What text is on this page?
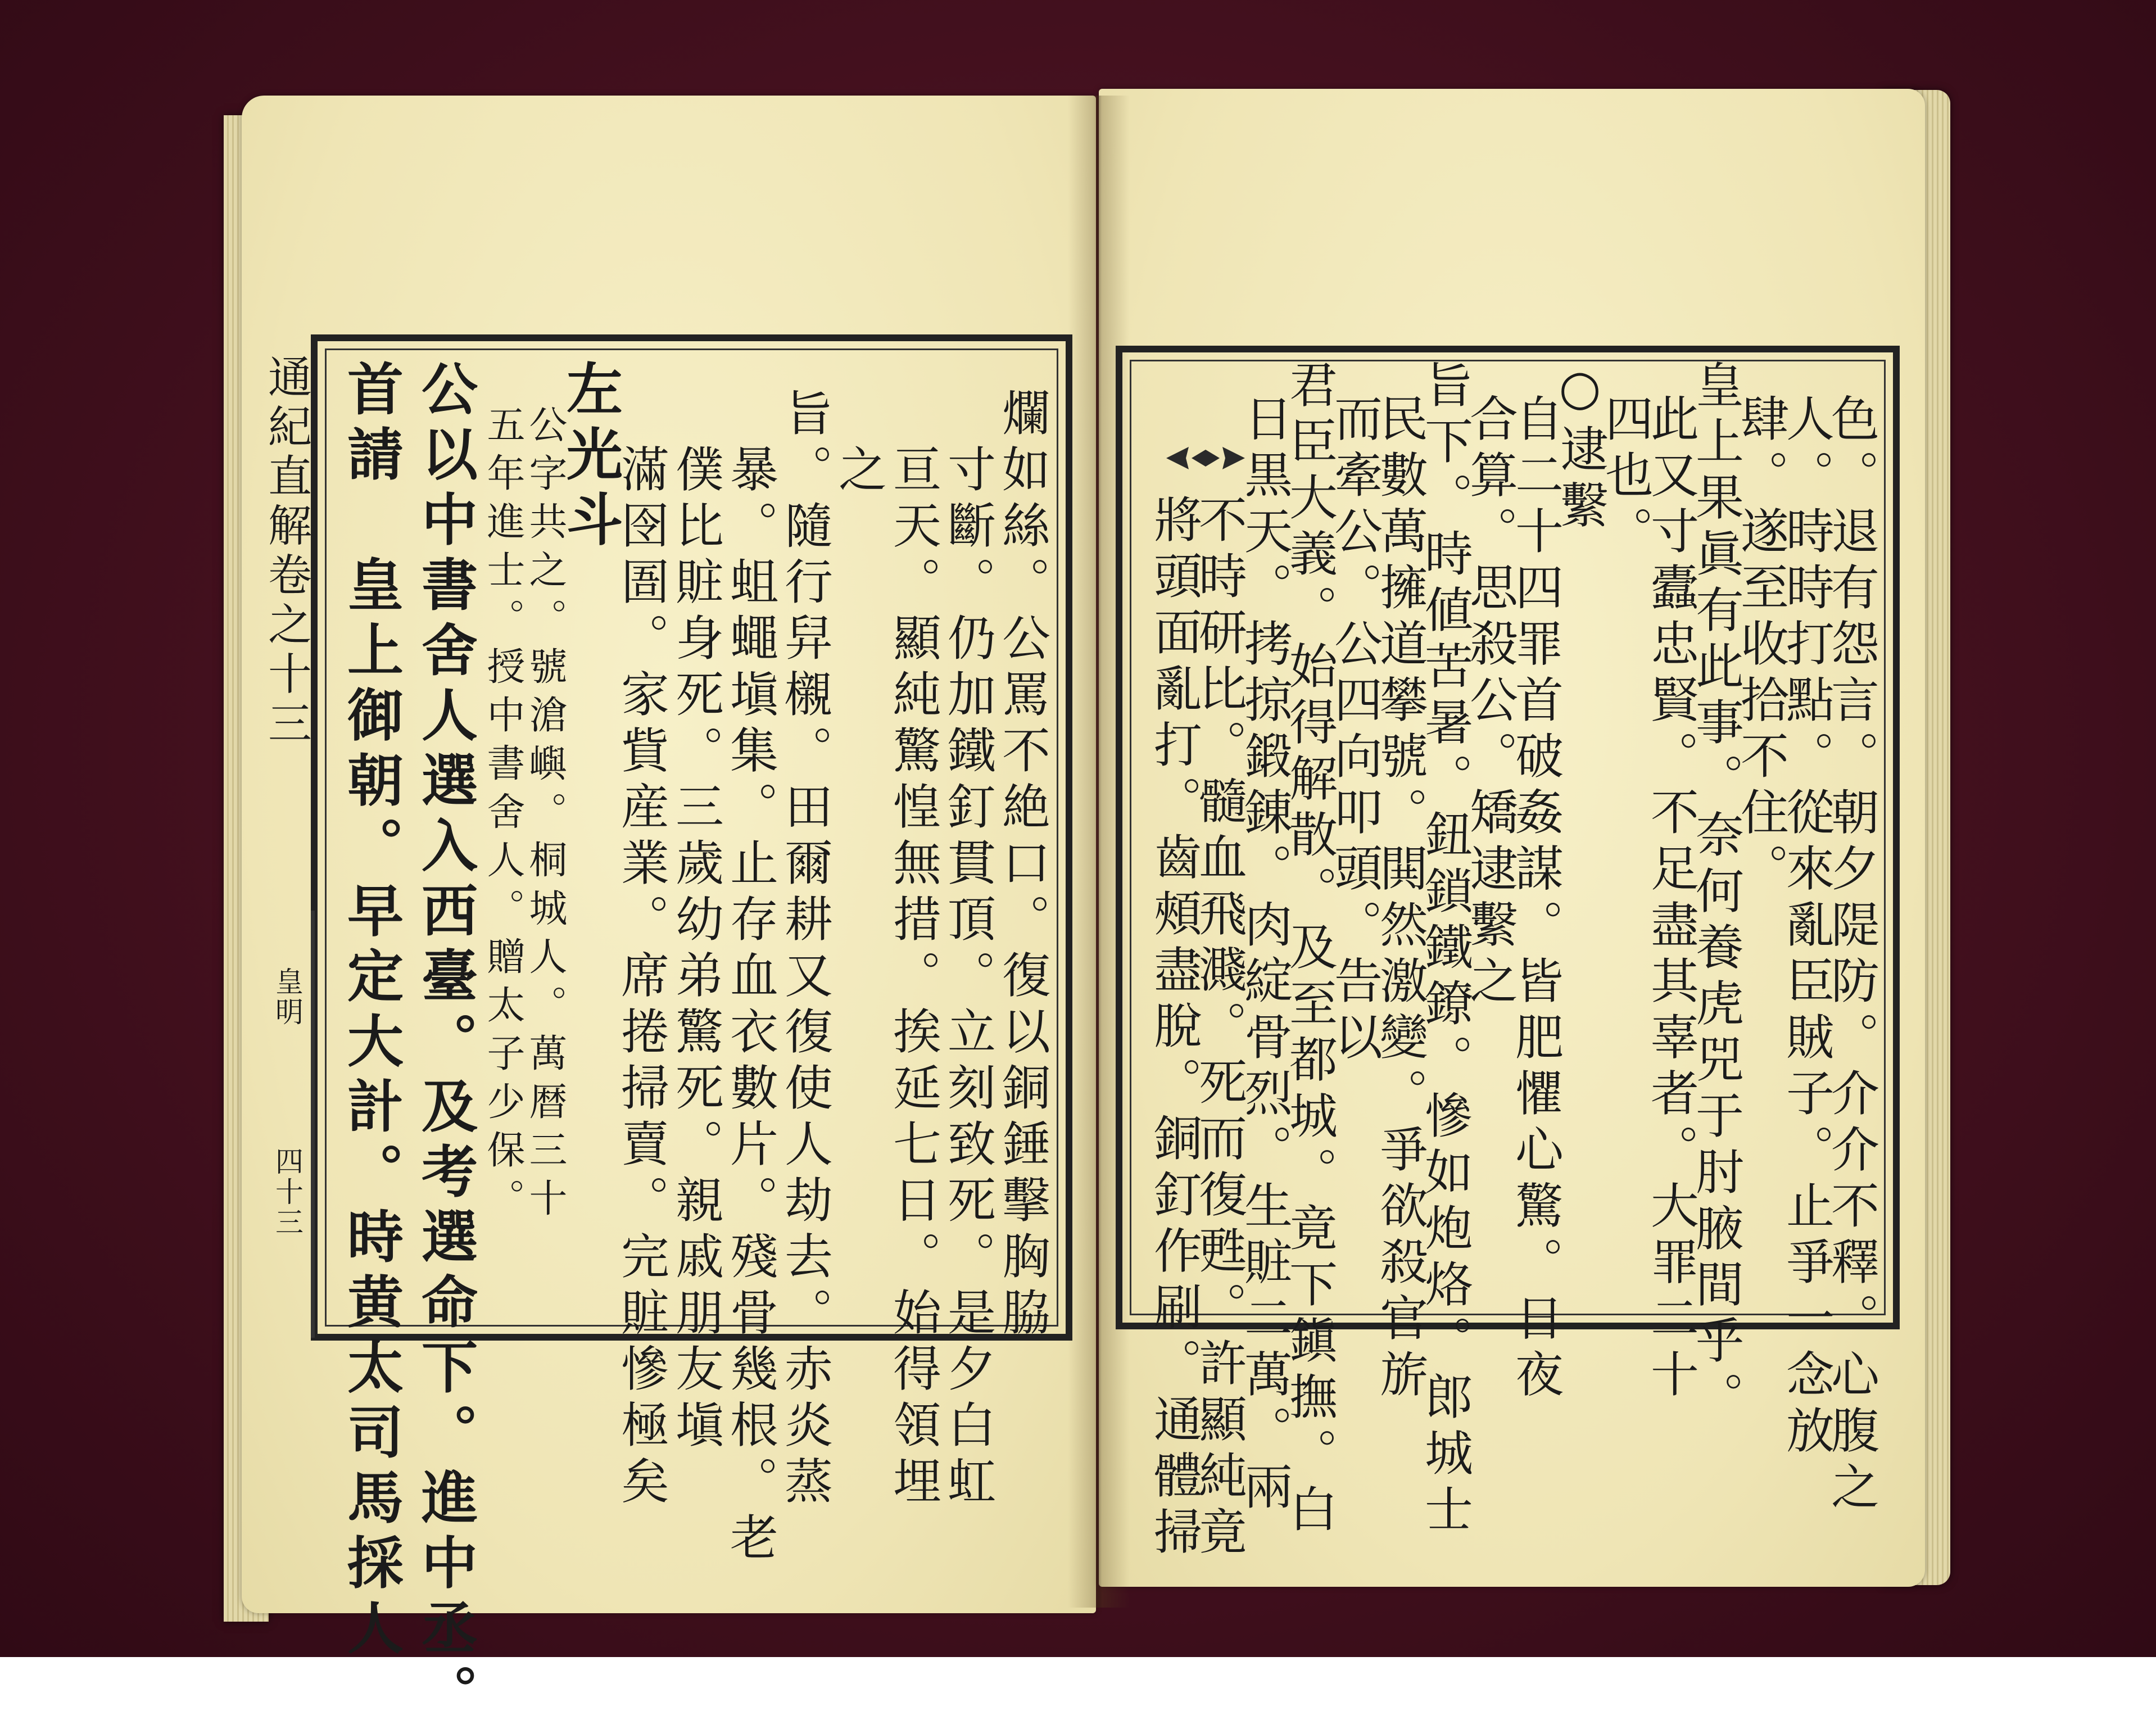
通紀直解卷之十三
皇明
四十三	爛如絲。公罵不絶口。復以銅錘擊胸脇
寸斷。仍加鐵釘貫頂。立刻致死。是夕白虹
亘天。顯純驚惶無措。挨延七日。始得領埋
之
旨。隨行舁櫬。田爾耕又復使人劫去。赤炎蒸
暴。蛆蠅塡集。止存血衣數片。殘骨幾根。老
僕比賍身死。三歲幼弟驚死。親戚朋友塡
滿囹圄。家貲産業。席捲掃賣。完賍慘極矣
左光斗
公字共之。號滄嶼。桐城人。萬暦三十
五年進士。授中書舍人。贈太子少保。
公以中書舍人選入西臺。及考選命下。進中丞。
首請　皇上御朝。早定大計。時黄太司馬採人	色。退有怨言。朝夕隄防。介介不釋。心腹之
人。時時打點。從來亂臣賊子。止爭一念放
肆。遂至收拾不住。
皇上果眞有此事。奈何養虎兕于肘腋間乎。
此又寸蠹忠賢。不足盡其辜者。大罪二十
四也。
○逮繫
自二十四罪首破姦謀。皆肥懼心驚。日夜
合算。思殺公。矯逮繫之
旨下。時値苦暑。鈕鎖鐵鐐。慘如炮烙。郎城士
民數萬擁道攀號。閧然激變。爭欲殺官旂
而牽公。公四向叩頭。告以
君臣大義。始得解散。及至都城。竟下鎭撫。白
日黒天。拷掠鍛錬。肉綻骨烈。生賍二萬。兩
不時研比。髓血飛濺。死而復甦。許顯純竟
將頭面亂打。齒頰盡脫。銅釘作刷。通體掃
